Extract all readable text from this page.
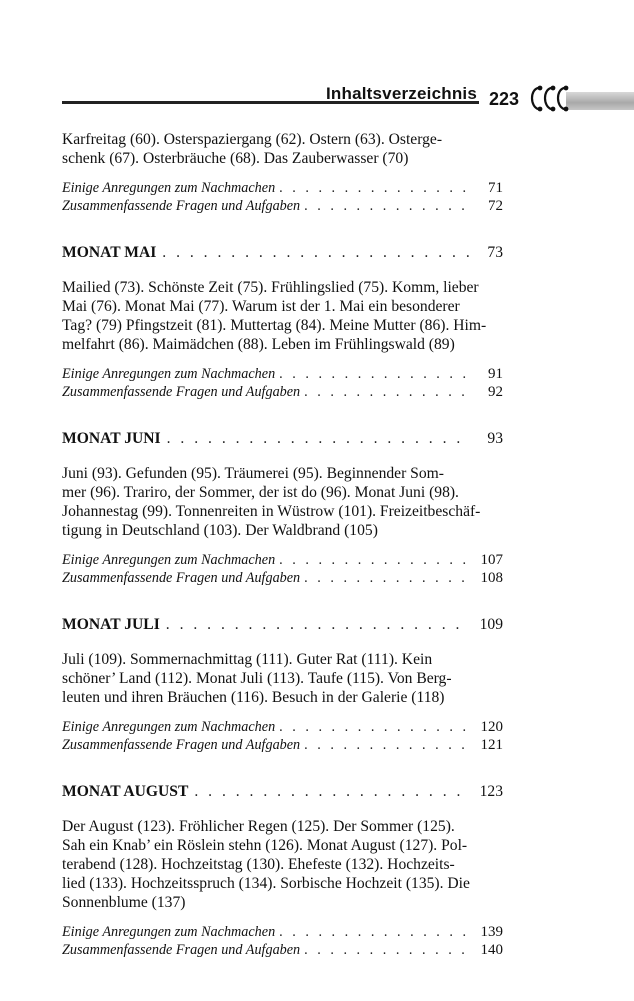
Inhaltsverzeichnis 223

Karfreitag (60). Osterspaziergang (62). Ostern (63). Osterge-
schenk (67). Osterbräuche (68). Das Zauberwasser (70)

Einige Anregungen zum Nachmachen . . .	71
Zusammenfassende Fragen und Aufgaben . . .	72
MONAT MAI . . .	73

Mailied (73). Schönste Zeit (75). Frühlingslied (75). Komm, lieber
Mai (76). Monat Mai (77). Warum ist der 1. Mai ein besonderer
Tag? (79) Pfingstzeit (81). Muttertag (84). Meine Mutter (86). Him-
melfahrt (86). Maimädchen (88). Leben im Frühlingswald (89)

Einige Anregungen zum Nachmachen . . .	91
Zusammenfassende Fragen und Aufgaben . . .	92
MONAT JUNI . . .	93

Juni (93). Gefunden (95). Träumerei (95). Beginnender Som-
mer (96). Trariro, der Sommer, der ist do (96). Monat Juni (98).
Johannestag (99). Tonnenreiten in Wüstrow (101). Freizeitbeschäf-
tigung in Deutschland (103). Der Waldbrand (105)

Einige Anregungen zum Nachmachen . . .	107
Zusammenfassende Fragen und Aufgaben . . .	108
MONAT JULI . . .	109

Juli (109). Sommernachmittag (111). Guter Rat (111). Kein
schöner’ Land (112). Monat Juli (113). Taufe (115). Von Berg-
leuten und ihren Bräuchen (116). Besuch in der Galerie (118)

Einige Anregungen zum Nachmachen . . .	120
Zusammenfassende Fragen und Aufgaben . . .	121
MONAT AUGUST . . .	123

Der August (123). Fröhlicher Regen (125). Der Sommer (125).
Sah ein Knab’ ein Röslein stehn (126). Monat August (127). Pol-
terabend (128). Hochzeitstag (130). Ehefeste (132). Hochzeits-
lied (133). Hochzeitsspruch (134). Sorbische Hochzeit (135). Die
Sonnenblume (137)

Einige Anregungen zum Nachmachen . . .	139
Zusammenfassende Fragen und Aufgaben . . .	140
